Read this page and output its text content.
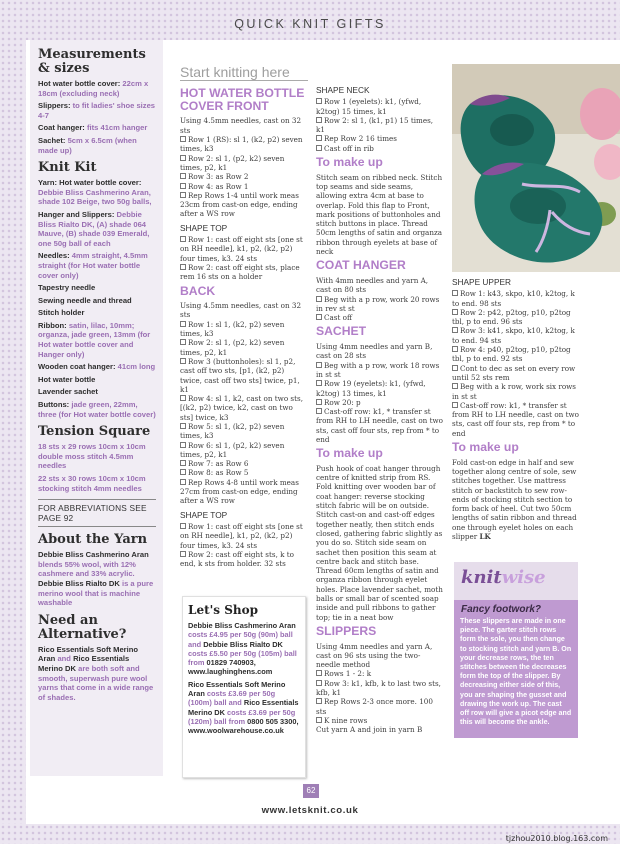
QUICK KNIT GIFTS
Measurements & sizes

Hot water bottle cover: 22cm x 18cm (excluding neck)

Slippers: to fit ladies' shoe sizes 4-7

Coat hanger: fits 41cm hanger

Sachet: 5cm x 6.5cm (when made up)

Knit Kit

Yarn: Hot water bottle cover: Debbie Bliss Cashmerino Aran, shade 102 Beige, two 50g balls,

Hanger and Slippers: Debbie Bliss Rialto DK, (A) shade 064 Mauve, (B) shade 039 Emerald, one 50g ball of each

Needles: 4mm straight, 4.5mm straight (for Hot water bottle cover only)

Tapestry needle

Sewing needle and thread

Stitch holder

Ribbon: satin, lilac, 10mm; organza, jade green, 13mm (for Hot water bottle cover and Hanger only)

Wooden coat hanger: 41cm long

Hot water bottle

Lavender sachet

Buttons: jade green, 22mm, three (for Hot water bottle cover)

Tension Square

18 sts x 29 rows 10cm x 10cm double moss stitch 4.5mm needles

22 sts x 30 rows 10cm x 10cm stocking stitch 4mm needles

FOR ABBREVIATIONS SEE PAGE 92
About the Yarn

Debbie Bliss Cashmerino Aran blends 55% wool, with 12% cashmere and 33% acrylic. Debbie Bliss Rialto DK is a pure merino wool that is machine washable

Need an Alternative?

Rico Essentials Soft Merino Aran and Rico Essentials Merino DK are both soft and smooth, superwash pure wool yarns that come in a wide range of shades.

Start knitting here
HOT WATER BOTTLE COVER FRONT
Using 4.5mm needles, cast on 32 sts
Row 1 (RS): sl 1, (k2, p2) seven times, k3
Row 2: sl 1, (p2, k2) seven times, p2, k1
Row 3: as Row 2
Row 4: as Row 1
Rep Rows 1-4 until work meas 23cm from cast-on edge, ending after a WS row
SHAPE TOP
Row 1: cast off eight sts [one st on RH needle], k1, p2, (k2, p2) four times, k3. 24 sts
Row 2: cast off eight sts, place rem 16 sts on a holder
BACK
Using 4.5mm needles, cast on 32 sts
Row 1: sl 1, (k2, p2) seven times, k3
Row 2: sl 1, (p2, k2) seven times, p2, k1
Row 3 (buttonholes): sl 1, p2, cast off two sts, [p1, (k2, p2) twice, cast off two sts] twice, p1, k1
Row 4: sl 1, k2, cast on two sts, [(k2, p2) twice, k2, cast on two sts] twice, k3
Row 5: sl 1, (k2, p2) seven times, k3
Row 6: sl 1, (p2, k2) seven times, p2, k1
Row 7: as Row 6
Row 8: as Row 5
Rep Rows 4-8 until work meas 27cm from cast-on edge, ending after a WS row
SHAPE TOP
Row 1: cast off eight sts [one st on RH needle], k1, p2, (k2, p2) four times, k3. 24 sts
Row 2: cast off eight sts, k to end, k sts from holder. 32 sts
Let's Shop

Debbie Bliss Cashmerino Aran costs £4.95 per 50g (90m) ball and Debbie Bliss Rialto DK costs £5.50 per 50g (105m) ball from 01829 740903, www.laughinghens.com

Rico Essentials Soft Merino Aran costs £3.69 per 50g (100m) ball and Rico Essentials Merino DK costs £3.69 per 50g (120m) ball from 0800 505 3300, www.woolwarehouse.co.uk

SHAPE NECK
Row 1 (eyelets): k1, (yfwd, k2tog) 15 times, k1
Row 2: sl 1, (k1, p1) 15 times, k1
Rep Row 2 16 times
Cast off in rib
To make up
Stitch seam on ribbed neck. Stitch top seams and side seams, allowing extra 4cm at base to overlap. Fold this flap to Front, mark positions of buttonholes and stitch buttons in place. Thread 50cm lengths of satin and organza ribbon through eyelets at base of neck
COAT HANGER
With 4mm needles and yarn A, cast on 80 sts
Beg with a p row, work 20 rows in rev st st
Cast off
SACHET
Using 4mm needles and yarn B, cast on 28 sts
Beg with a p row, work 18 rows in st st
Row 19 (eyelets): k1, (yfwd, k2tog) 13 times, k1
Row 20: p
Cast-off row: k1, * transfer st from RH to LH needle, cast on two sts, cast off four sts, rep from * to end
To make up
Push hook of coat hanger through centre of knitted strip from RS. Fold knitting over wooden bar of coat hanger: reverse stocking stitch fabric will be on outside. Stitch cast-on and cast-off edges together neatly, then stitch ends closed, gathering fabric slightly as you do so. Stitch side seam on sachet then position this seam at centre back and stitch base. Thread 60cm lengths of satin and organza ribbon through eyelet holes. Place lavender sachet, moth balls or small bar of scented soap inside and pull ribbons to gather top; tie in a neat bow
SLIPPERS
Using 4mm needles and yarn A, cast on 96 sts using the two-needle method
Rows 1 - 2: k
Row 3: k1, kfb, k to last two sts, kfb, k1
Rep Rows 2-3 once more. 100 sts
K nine rows
Cut yarn A and join in yarn B
SHAPE UPPER
Row 1: k43, skpo, k10, k2tog, k to end. 98 sts
Row 2: p42, p2tog, p10, p2tog tbl, p to end. 96 sts
Row 3: k41, skpo, k10, k2tog, k to end. 94 sts
Row 4: p40, p2tog, p10, p2tog tbl, p to end. 92 sts
Cont to dec as set on every row until 52 sts rem
Beg with a k row, work six rows in st st
Cast-off row: k1, * transfer st from RH to LH needle, cast on two sts, cast off four sts, rep from * to end
To make up
Fold cast-on edge in half and sew together along centre of sole, sew stitches together. Use mattress stitch or backstitch to sew row-ends of stocking stitch section to form back of heel. Cut two 50cm lengths of satin ribbon and thread one through eyelet holes on each slipper LK
knitwise
Fancy footwork?
These slippers are made in one piece. The garter stitch rows form the sole, you then change to stocking stitch and yarn B. On your decrease rows, the ten stitches between the decreases form the top of the slipper. By decreasing either side of this, you are shaping the gusset and drawing the work up. The cast off row will give a picot edge and this will become the ankle.
62
www.letsknit.co.uk
tjzhou2010.blog.163.com
